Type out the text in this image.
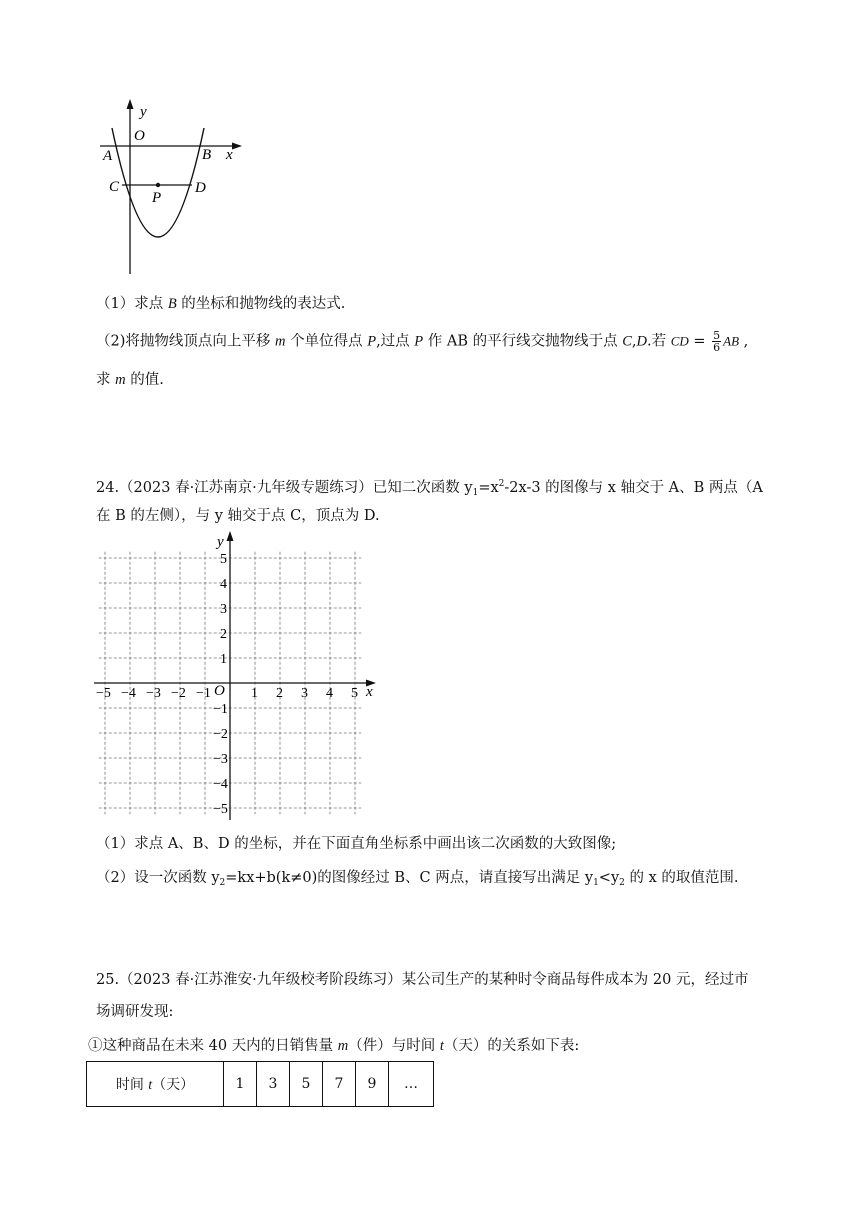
y
O
A	B x
C	D
P
（1）求点 B 的坐标和抛物线的表达式.
（2)将抛物线顶点向上平移 m 个单位得点 P,过点 P 作 AB 的平行线交抛物线于点 C,D.若 CD = $\frac{5}{6}$ AB ,
求 m 的值.
24.（2023 春·江苏南京·九年级专题练习）已知二次函数 $y_1=x^2-2x-3$ 的图像与 x 轴交于 A、B 两点（A
在 B 的左侧），与 y 轴交于点 C，顶点为 D.
−5 −4 −3 −2 −1	1 2 3 4 5
5
4
3
2
1
−1
−2
−3
−4
−5
y
x
O
（1）求点 A、B、D 的坐标，并在下面直角坐标系中画出该二次函数的大致图像;
（2）设一次函数 $y_2=kx+b(k\ne 0)$的图像经过 B、C 两点，请直接写出满足 $y_1<y_2$ 的 x 的取值范围.
25.（2023 春·江苏淮安·九年级校考阶段练习）某公司生产的某种时令商品每件成本为 20 元，经过市
场调研发现:
①这种商品在未来 40 天内的日销售量 m（件）与时间 t（天）的关系如下表:
时间 t（天）	1	3	5	7	9	…
